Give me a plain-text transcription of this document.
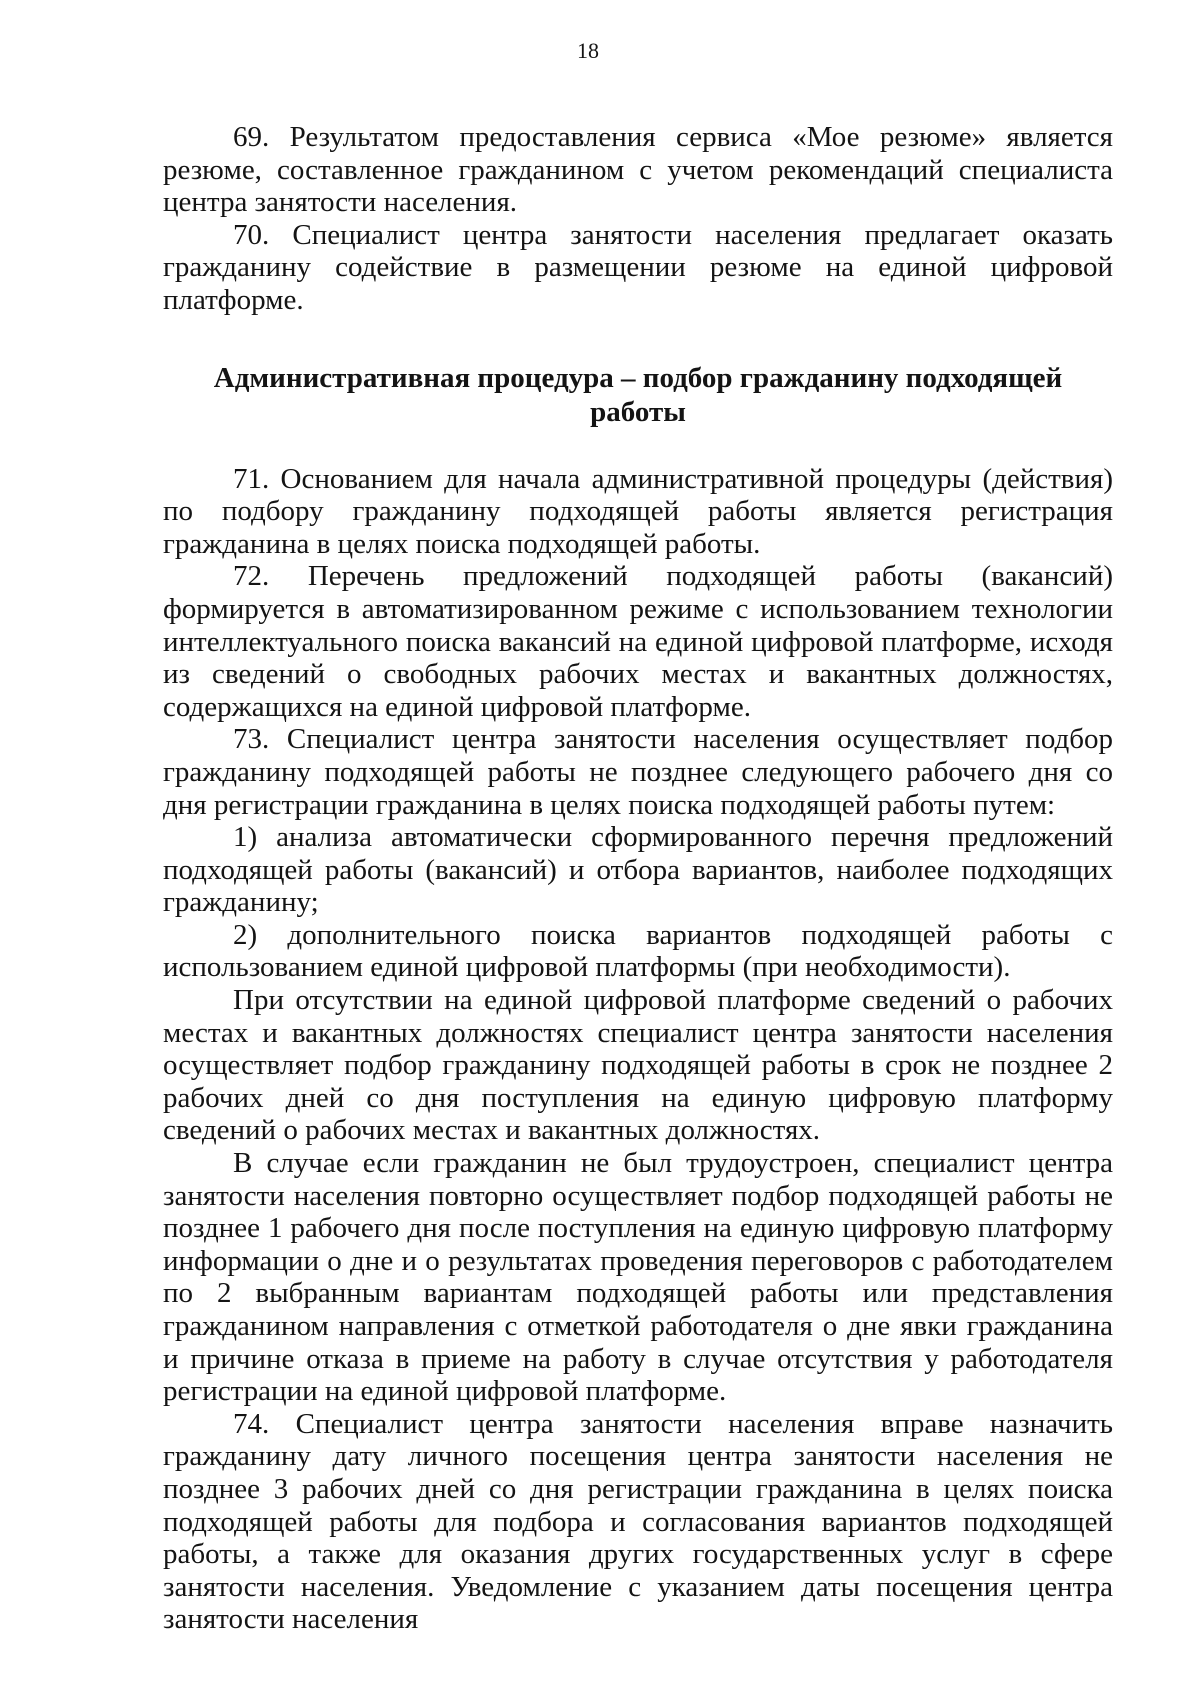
18

69. Результатом предоставления сервиса «Мое резюме» является резюме, составленное гражданином с учетом рекомендаций специалиста центра занятости населения.

70. Специалист центра занятости населения предлагает оказать гражданину содействие в размещении резюме на единой цифровой платформе.

Административная процедура – подбор гражданину подходящей работы

71. Основанием для начала административной процедуры (действия) по подбору гражданину подходящей работы является регистрация гражданина в целях поиска подходящей работы.

72. Перечень предложений подходящей работы (вакансий) формируется в автоматизированном режиме с использованием технологии интеллектуального поиска вакансий на единой цифровой платформе, исходя из сведений о свободных рабочих местах и вакантных должностях, содержащихся на единой цифровой платформе.

73. Специалист центра занятости населения осуществляет подбор гражданину подходящей работы не позднее следующего рабочего дня со дня регистрации гражданина в целях поиска подходящей работы путем:

1) анализа автоматически сформированного перечня предложений подходящей работы (вакансий) и отбора вариантов, наиболее подходящих гражданину;

2) дополнительного поиска вариантов подходящей работы с использованием единой цифровой платформы (при необходимости).

При отсутствии на единой цифровой платформе сведений о рабочих местах и вакантных должностях специалист центра занятости населения осуществляет подбор гражданину подходящей работы в срок не позднее 2 рабочих дней со дня поступления на единую цифровую платформу сведений о рабочих местах и вакантных должностях.

В случае если гражданин не был трудоустроен, специалист центра занятости населения повторно осуществляет подбор подходящей работы не позднее 1 рабочего дня после поступления на единую цифровую платформу информации о дне и о результатах проведения переговоров с работодателем по 2 выбранным вариантам подходящей работы или представления гражданином направления с отметкой работодателя о дне явки гражданина и причине отказа в приеме на работу в случае отсутствия у работодателя регистрации на единой цифровой платформе.

74. Специалист центра занятости населения вправе назначить гражданину дату личного посещения центра занятости населения не позднее 3 рабочих дней со дня регистрации гражданина в целях поиска подходящей работы для подбора и согласования вариантов подходящей работы, а также для оказания других государственных услуг в сфере занятости населения. Уведомление с указанием даты посещения центра занятости населения
